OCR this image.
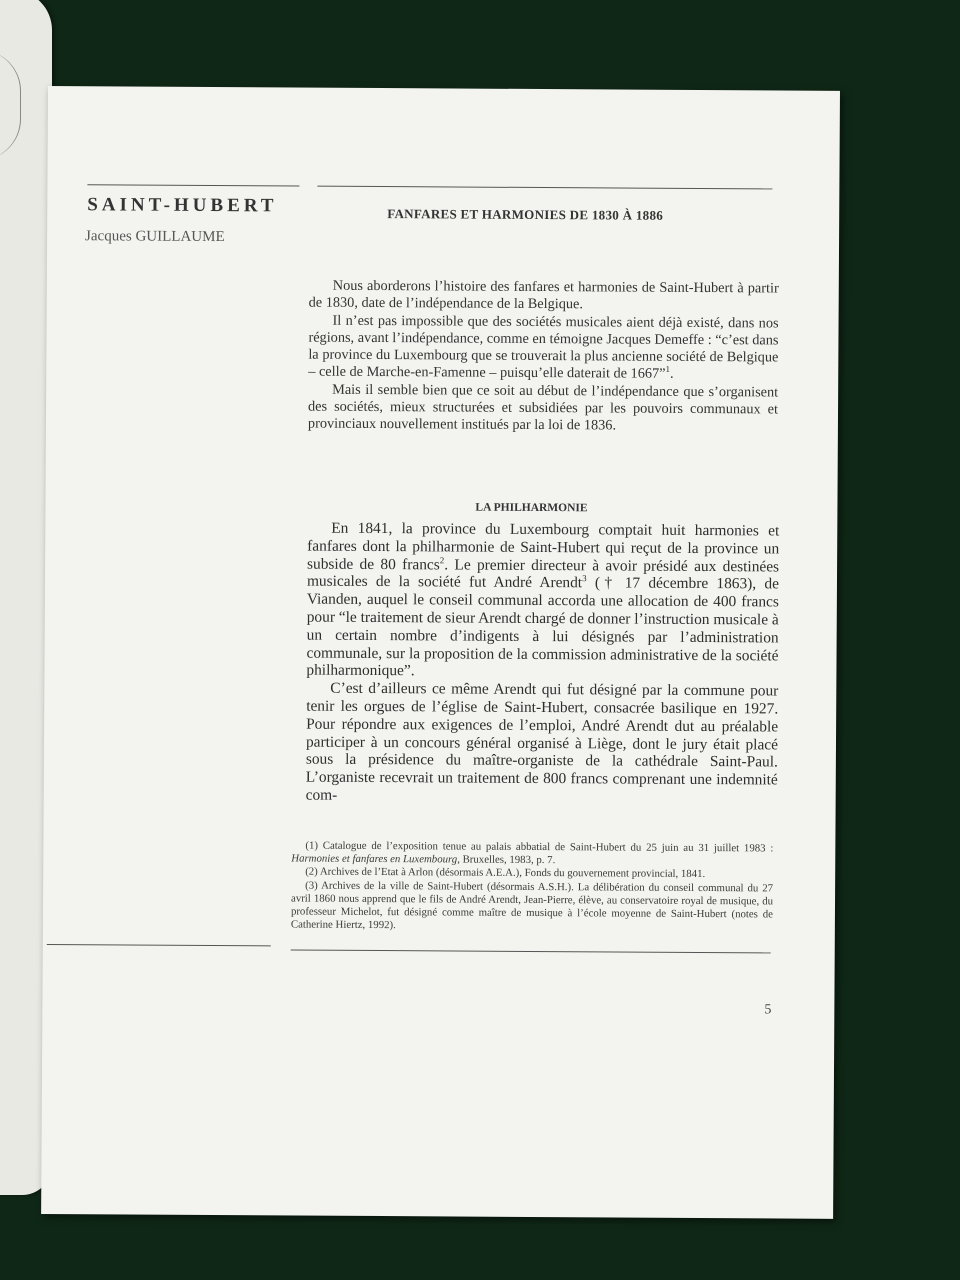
SAINT-HUBERT
Jacques GUILLAUME
FANFARES ET HARMONIES DE 1830 À 1886

Nous aborderons l’histoire des fanfares et harmonies de Saint-Hubert à partir de 1830, date de l’indépendance de la Belgique.

Il n’est pas impossible que des sociétés musicales aient déjà existé, dans nos régions, avant l’indépendance, comme en témoigne Jacques Demeffe : “c’est dans la province du Luxembourg que se trouverait la plus ancienne société de Belgique – celle de Marche-en-Famenne – puisqu’elle daterait de 1667”$^1$.

Mais il semble bien que ce soit au début de l’indépendance que s’organisent des sociétés, mieux structurées et subsidiées par les pouvoirs communaux et provinciaux nouvellement institués par la loi de 1836.

LA PHILHARMONIE

En 1841, la province du Luxembourg comptait huit harmonies et fanfares dont la philharmonie de Saint-Hubert qui reçut de la province un subside de 80 francs$^2$. Le premier directeur à avoir présidé aux destinées musicales de la société fut André Arendt$^3$ († 17 décembre 1863), de Vianden, auquel le conseil communal accorda une allocation de 400 francs pour “le traitement de sieur Arendt chargé de donner l’instruction musicale à un certain nombre d’indigents à lui désignés par l’administration communale, sur la proposition de la commission administrative de la société philharmonique”.

C’est d’ailleurs ce même Arendt qui fut désigné par la commune pour tenir les orgues de l’église de Saint-Hubert, consacrée basilique en 1927. Pour répondre aux exigences de l’emploi, André Arendt dut au préalable participer à un concours général organisé à Liège, dont le jury était placé sous la présidence du maître-organiste de la cathédrale Saint-Paul. L’organiste recevrait un traitement de 800 francs comprenant une indemnité com-

(1) Catalogue de l’exposition tenue au palais abbatial de Saint-Hubert du 25 juin au 31 juillet 1983 : Harmonies et fanfares en Luxembourg, Bruxelles, 1983, p. 7.

(2) Archives de l’Etat à Arlon (désormais A.E.A.), Fonds du gouvernement provincial, 1841.

(3) Archives de la ville de Saint-Hubert (désormais A.S.H.). La délibération du conseil communal du 27 avril 1860 nous apprend que le fils de André Arendt, Jean-Pierre, élève, au conservatoire royal de musique, du professeur Michelot, fut désigné comme maître de musique à l’école moyenne de Saint-Hubert (notes de Catherine Hiertz, 1992).

5
